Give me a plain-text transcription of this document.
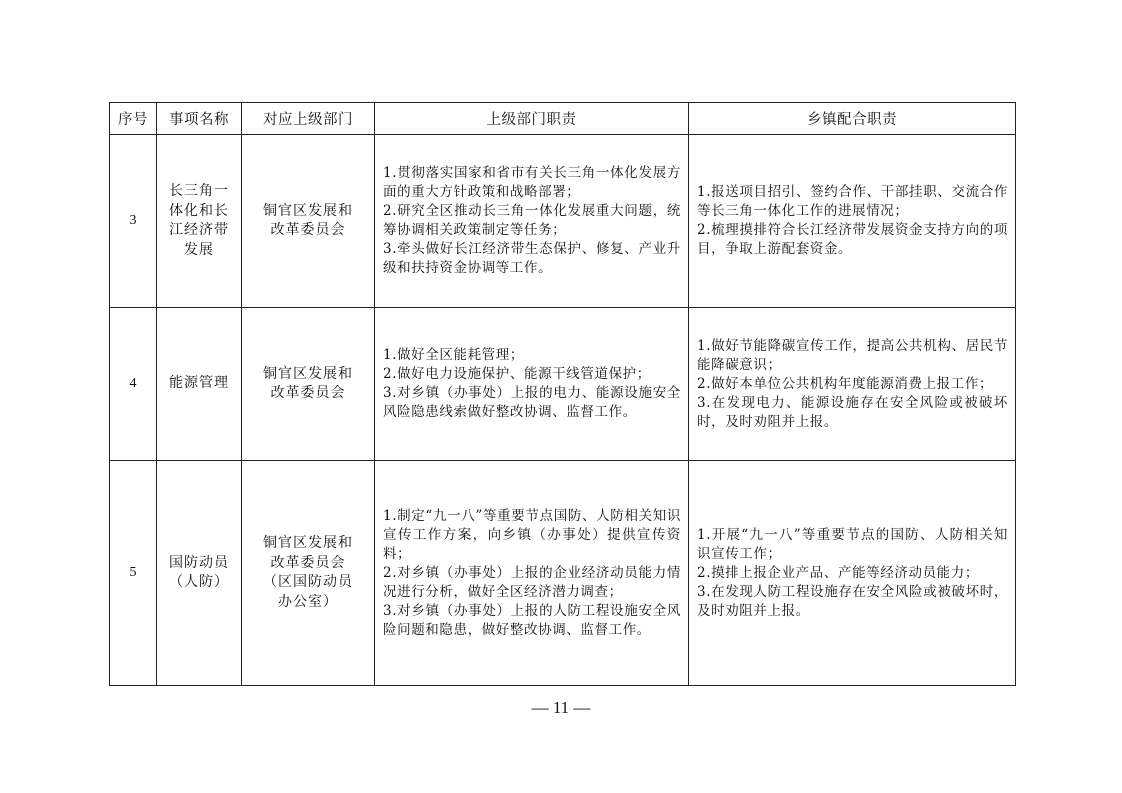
序号	事项名称	对应上级部门	上级部门职责	乡镇配合职责
3	长三角一体化和长江经济带发展	铜官区发展和改革委员会	1.贯彻落实国家和省市有关长三角一体化发展方面的重大方针政策和战略部署；
2.研究全区推动长三角一体化发展重大问题，统筹协调相关政策制定等任务；
3.牵头做好长江经济带生态保护、修复、产业升级和扶持资金协调等工作。	1.报送项目招引、签约合作、干部挂职、交流合作等长三角一体化工作的进展情况；
2.梳理摸排符合长江经济带发展资金支持方向的项目，争取上游配套资金。

4	能源管理	铜官区发展和改革委员会	1.做好全区能耗管理；
2.做好电力设施保护、能源干线管道保护；
3.对乡镇（办事处）上报的电力、能源设施安全风险隐患线索做好整改协调、监督工作。	1.做好节能降碳宣传工作，提高公共机构、居民节能降碳意识；
2.做好本单位公共机构年度能源消费上报工作；
3.在发现电力、能源设施存在安全风险或被破坏时，及时劝阻并上报。

5	国防动员（人防）	铜官区发展和改革委员会（区国防动员办公室）	1.制定“九一八”等重要节点国防、人防相关知识宣传工作方案，向乡镇（办事处）提供宣传资料；
2.对乡镇（办事处）上报的企业经济动员能力情况进行分析，做好全区经济潜力调查；
3.对乡镇（办事处）上报的人防工程设施安全风险问题和隐患，做好整改协调、监督工作。	1.开展“九一八”等重要节点的国防、人防相关知识宣传工作；
2.摸排上报企业产品、产能等经济动员能力；
3.在发现人防工程设施存在安全风险或被破坏时，及时劝阻并上报。
— 11 —
